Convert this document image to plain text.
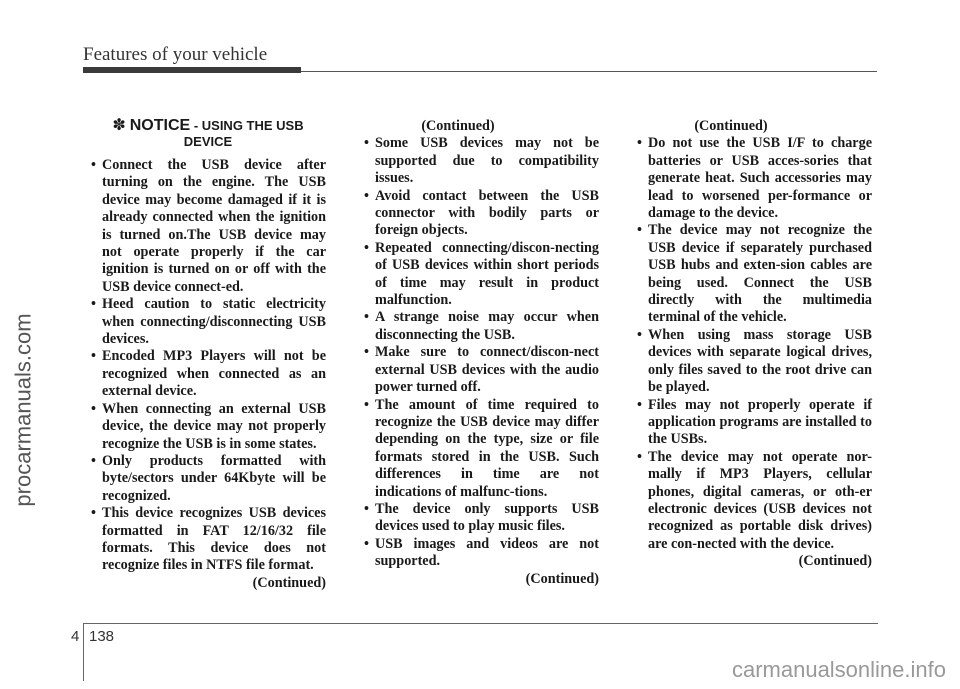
Features of your vehicle
procarmanuals.com
✽ NOTICE - USING THE USB
DEVICE
• Connect the USB device after turning on the engine. The USB device may become damaged if it is already connected when the ignition is turned on.The USB device may not operate properly if the car ignition is turned on or off with the USB device connect-ed.
• Heed caution to static electricity when connecting/disconnecting USB devices.
• Encoded MP3 Players will not be recognized when connected as an external device.
• When connecting an external USB device, the device may not properly recognize the USB is in some states.
• Only products formatted with byte/sectors under 64Kbyte will be recognized.
• This device recognizes USB devices formatted in FAT 12/16/32 file formats. This device does not recognize files in NTFS file format.
(Continued)
(Continued)
• Some USB devices may not be supported due to compatibility issues.
• Avoid contact between the USB connector with bodily parts or foreign objects.
• Repeated connecting/discon-necting of USB devices within short periods of time may result in product malfunction.
• A strange noise may occur when disconnecting the USB.
• Make sure to connect/discon-nect external USB devices with the audio power turned off.
• The amount of time required to recognize the USB device may differ depending on the type, size or file formats stored in the USB. Such differences in time are not indications of malfunc-tions.
• The device only supports USB devices used to play music files.
• USB images and videos are not supported.
(Continued)
(Continued)
• Do not use the USB I/F to charge batteries or USB acces-sories that generate heat. Such accessories may lead to worsened per-formance or damage to the device.
• The device may not recognize the USB device if separately purchased USB hubs and exten-sion cables are being used. Connect the USB directly with the multimedia terminal of the vehicle.
• When using mass storage USB devices with separate logical drives, only files saved to the root drive can be played.
• Files may not properly operate if application programs are installed to the USBs.
• The device may not operate nor-mally if MP3 Players, cellular phones, digital cameras, or oth-er electronic devices (USB devices not recognized as portable disk drives) are con-nected with the device.
(Continued)
4 138
carmanualsonline.info
